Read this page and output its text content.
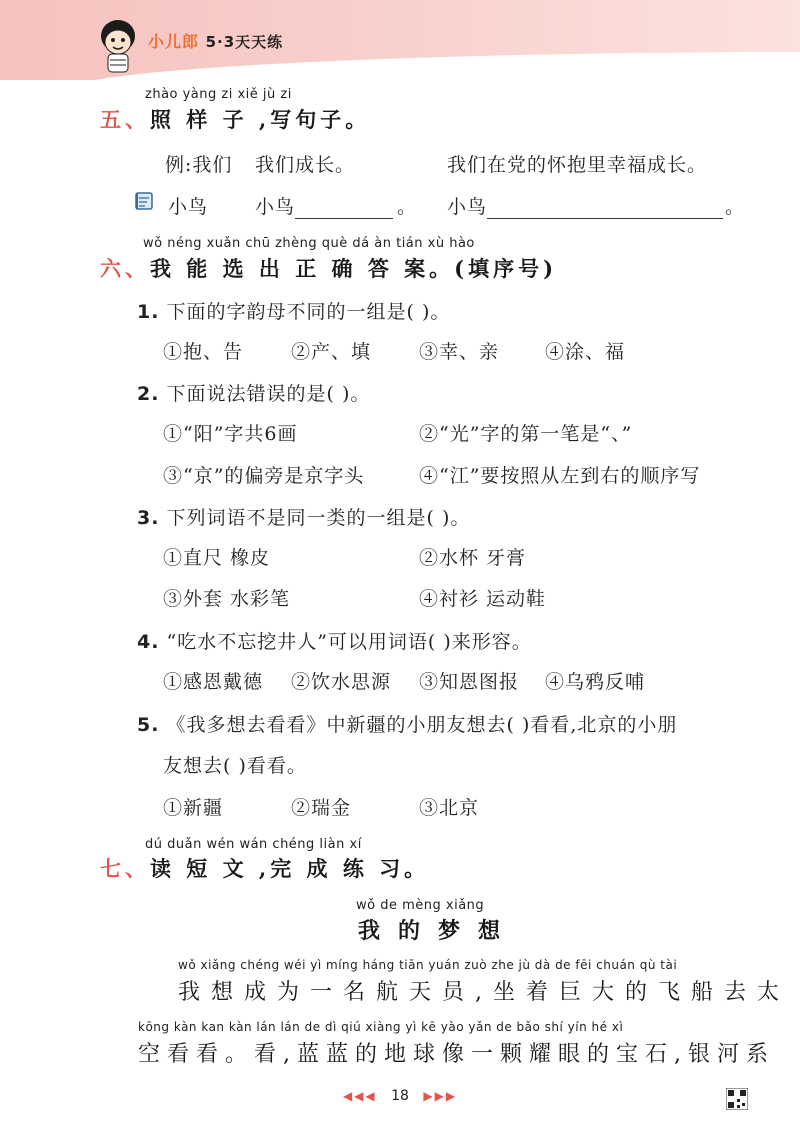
小儿郎 5·3天天练
zhào yàng zi xiě jù zi
五、照 样 子 ,写句子。
例:我们 我们成长。	我们在党的怀抱里幸福成长。
小鸟 小鸟	。 小鸟	。
wǒ néng xuǎn chū zhèng què dá àn tián xù hào
六、我 能 选 出 正 确 答 案。(填序号)
1. 下面的字韵母不同的一组是( )。
①抱、告	②产、填	③幸、亲 ④涂、福
2. 下面说法错误的是( )。
①“阳”字共6画	②“光”字的第一笔是“、”
③“京”的偏旁是京字头	④“江”要按照从左到右的顺序写
3. 下列词语不是同一类的一组是( )。
①直尺 橡皮	②水杯 牙膏
③外套 水彩笔	④衬衫 运动鞋
4. “吃水不忘挖井人”可以用词语( )来形容。
①感恩戴德 ②饮水思源 ③知恩图报 ④乌鸦反哺
5. 《我多想去看看》中新疆的小朋友想去( )看看,北京的小朋
友想去( )看看。
①新疆	②瑞金	③北京
dú duǎn wén wán chéng liàn xí
七、读 短 文 ,完 成 练 习。
wǒ de mèng xiǎng
我的梦想
wǒ xiǎng chéng wéi yì míng háng tiān yuán zuò zhe jù dà de fēi chuán qù tài
我想成为一名航天员,坐着巨大的飞船去太
kōng kàn kan kàn lán lán de dì qiú xiàng yì kē yào yǎn de bǎo shí yín hé xì
空看看。看,蓝蓝的地球像一颗耀眼的宝石,银河系
◀◀◀ 18 ▶▶▶
